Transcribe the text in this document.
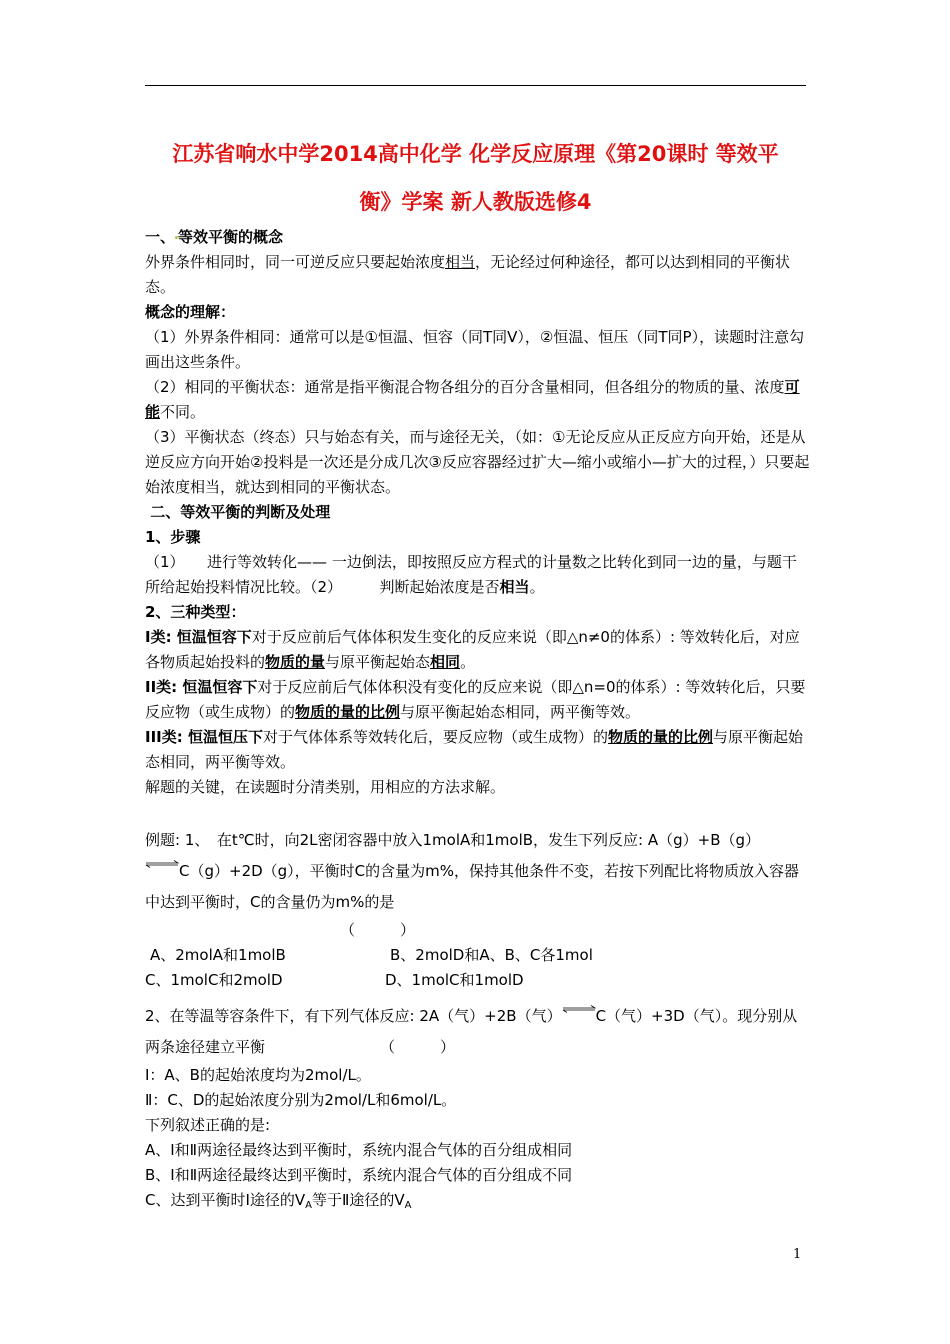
江苏省响水中学2014高中化学 化学反应原理《第20课时 等效平
衡》学案 新人教版选修4

一、 等效平衡的概念

外界条件相同时，同一可逆反应只要起始浓度相当，无论经过何种途径，都可以达到相同的平衡状态。

概念的理解：

（1）外界条件相同：通常可以是①恒温、恒容（同T同V），②恒温、恒压（同T同P），读题时注意勾画出这些条件。

（2）相同的平衡状态：通常是指平衡混合物各组分的百分含量相同，但各组分的物质的量、浓度可能不同。

（3）平衡状态（终态）只与始态有关，而与途径无关，（如：①无论反应从正反应方向开始，还是从逆反应方向开始②投料是一次还是分成几次③反应容器经过扩大—缩小或缩小—扩大的过程，）只要起始浓度相当，就达到相同的平衡状态。

二、等效平衡的判断及处理

1、步骤

（1）　　进行等效转化—— 一边倒法，即按照反应方程式的计量数之比转化到同一边的量，与题干所给起始投料情况比较。（2）　　　判断起始浓度是否相当。

2、三种类型：

I类: 恒温恒容下对于反应前后气体体积发生变化的反应来说（即△n≠0的体系）: 等效转化后，对应各物质起始投料的物质的量与原平衡起始态相同。

II类: 恒温恒容下对于反应前后气体体积没有变化的反应来说（即△n=0的体系）: 等效转化后，只要反应物（或生成物）的物质的量的比例与原平衡起始态相同，两平衡等效。

III类: 恒温恒压下对于气体体系等效转化后，要反应物（或生成物）的物质的量的比例与原平衡起始态相同，两平衡等效。

解题的关键，在读题时分清类别，用相应的方法求解。

例题: 1、　在t℃时，向2L密闭容器中放入1molA和1molB，发生下列反应: A（g）+B（g）

⇌C（g）+2D（g），平衡时C的含量为m%，保持其他条件不变，若按下列配比将物质放入容器中达到平衡时，C的含量仍为m%的是

（　　　）

A、2molA和1molB	B、2molD和A、B、C各1mol

C、1molC和2molD	D、1molC和1molD

2、在等温等容条件下，有下列气体反应: 2A（气）+2B（气）⇌C（气）+3D（气）。现分别从两条途径建立平衡	（　　　）

Ⅰ：A、B的起始浓度均为2mol/L。

Ⅱ：C、D的起始浓度分别为2mol/L和6mol/L。

下列叙述正确的是:

A、Ⅰ和Ⅱ两途径最终达到平衡时，系统内混合气体的百分组成相同

B、Ⅰ和Ⅱ两途径最终达到平衡时，系统内混合气体的百分组成不同

C、达到平衡时Ⅰ途径的$V_A$等于Ⅱ途径的$V_A$

1
